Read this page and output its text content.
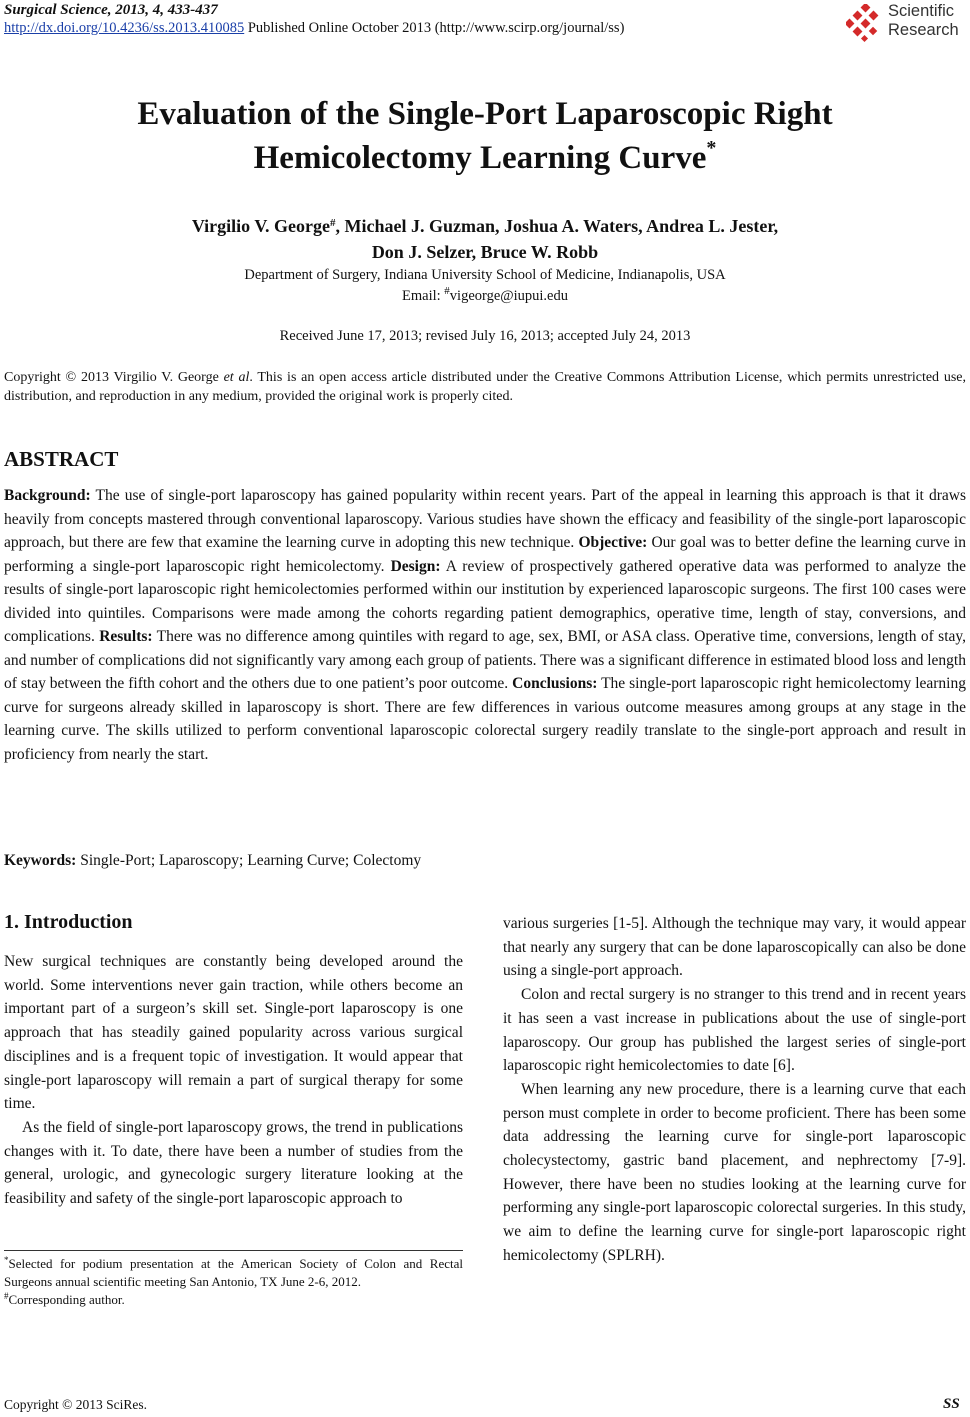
Surgical Science, 2013, 4, 433-437
http://dx.doi.org/10.4236/ss.2013.410085 Published Online October 2013 (http://www.scirp.org/journal/ss)
Scientific
Research
Evaluation of the Single-Port Laparoscopic Right
Hemicolectomy Learning Curve*
Virgilio V. George#, Michael J. Guzman, Joshua A. Waters, Andrea L. Jester,
Don J. Selzer, Bruce W. Robb
Department of Surgery, Indiana University School of Medicine, Indianapolis, USA
Email: #vigeorge@iupui.edu
Received June 17, 2013; revised July 16, 2013; accepted July 24, 2013
Copyright © 2013 Virgilio V. George et al. This is an open access article distributed under the Creative Commons Attribution License, which permits unrestricted use, distribution, and reproduction in any medium, provided the original work is properly cited.
ABSTRACT
Background: The use of single-port laparoscopy has gained popularity within recent years. Part of the appeal in learning this approach is that it draws heavily from concepts mastered through conventional laparoscopy. Various studies have shown the efficacy and feasibility of the single-port laparoscopic approach, but there are few that examine the learning curve in adopting this new technique. Objective: Our goal was to better define the learning curve in performing a single-port laparoscopic right hemicolectomy. Design: A review of prospectively gathered operative data was performed to analyze the results of single-port laparoscopic right hemicolectomies performed within our institution by experienced laparoscopic surgeons. The first 100 cases were divided into quintiles. Comparisons were made among the cohorts regarding patient demographics, operative time, length of stay, conversions, and complications. Results: There was no difference among quintiles with regard to age, sex, BMI, or ASA class. Operative time, conversions, length of stay, and number of complications did not significantly vary among each group of patients. There was a significant difference in estimated blood loss and length of stay between the fifth cohort and the others due to one patient’s poor outcome. Conclusions: The single-port laparoscopic right hemicolectomy learning curve for surgeons already skilled in laparoscopy is short. There are few differences in various outcome measures among groups at any stage in the learning curve. The skills utilized to perform conventional laparoscopic colorectal surgery readily translate to the single-port approach and result in proficiency from nearly the start.
Keywords: Single-Port; Laparoscopy; Learning Curve; Colectomy
1. Introduction

New surgical techniques are constantly being developed around the world. Some interventions never gain traction, while others become an important part of a surgeon’s skill set. Single-port laparoscopy is one approach that has steadily gained popularity across various surgical disciplines and is a frequent topic of investigation. It would appear that single-port laparoscopy will remain a part of surgical therapy for some time.

As the field of single-port laparoscopy grows, the trend in publications changes with it. To date, there have been a number of studies from the general, urologic, and gynecologic surgery literature looking at the feasibility and safety of the single-port laparoscopic approach to

various surgeries [1-5]. Although the technique may vary, it would appear that nearly any surgery that can be done laparoscopically can also be done using a single-port approach.

Colon and rectal surgery is no stranger to this trend and in recent years it has seen a vast increase in publications about the use of single-port laparoscopy. Our group has published the largest series of single-port laparoscopic right hemicolectomies to date [6].

When learning any new procedure, there is a learning curve that each person must complete in order to become proficient. There has been some data addressing the learning curve for single-port laparoscopic cholecystectomy, gastric band placement, and nephrectomy [7-9]. However, there have been no studies looking at the learning curve for performing any single-port laparoscopic colorectal surgeries. In this study, we aim to define the learning curve for single-port laparoscopic right hemicolectomy (SPLRH).

*Selected for podium presentation at the American Society of Colon and Rectal Surgeons annual scientific meeting San Antonio, TX June 2-6, 2012.
#Corresponding author.
Copyright © 2013 SciRes.	SS
